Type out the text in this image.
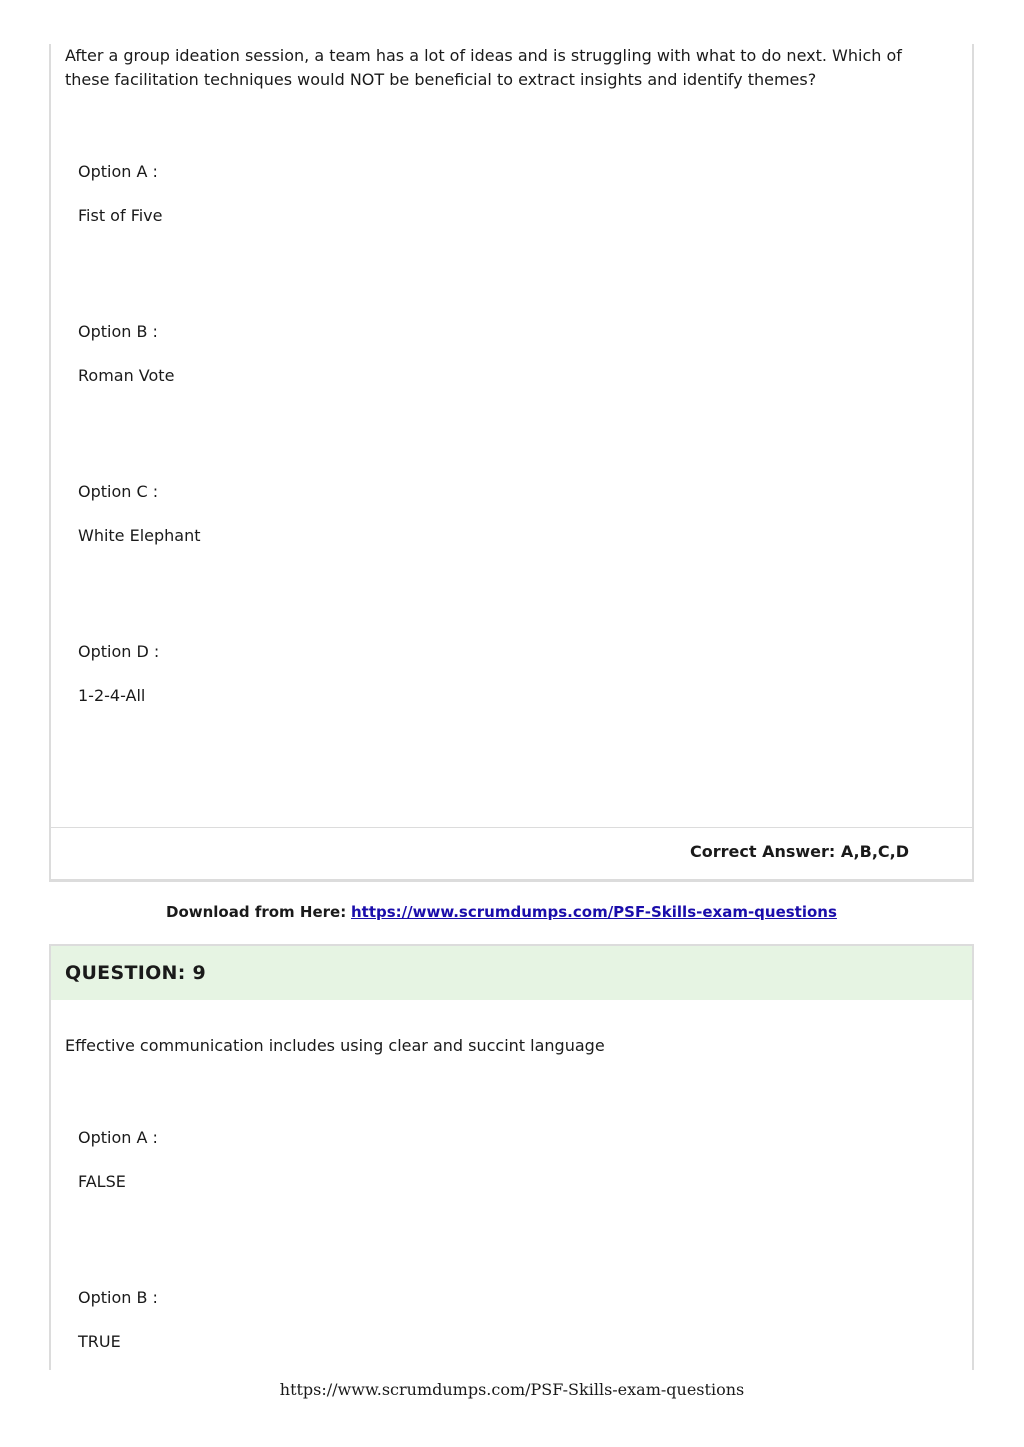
After a group ideation session, a team has a lot of ideas and is struggling with what to do next. Which of these facilitation techniques would NOT be beneficial to extract insights and identify themes?
Option A :
Fist of Five
Option B :
Roman Vote
Option C :
White Elephant
Option D :
1-2-4-All
Correct Answer: A,B,C,D
Download from Here: https://www.scrumdumps.com/PSF-Skills-exam-questions
QUESTION: 9
Effective communication includes using clear and succint language
Option A :
FALSE
Option B :
TRUE
https://www.scrumdumps.com/PSF-Skills-exam-questions
